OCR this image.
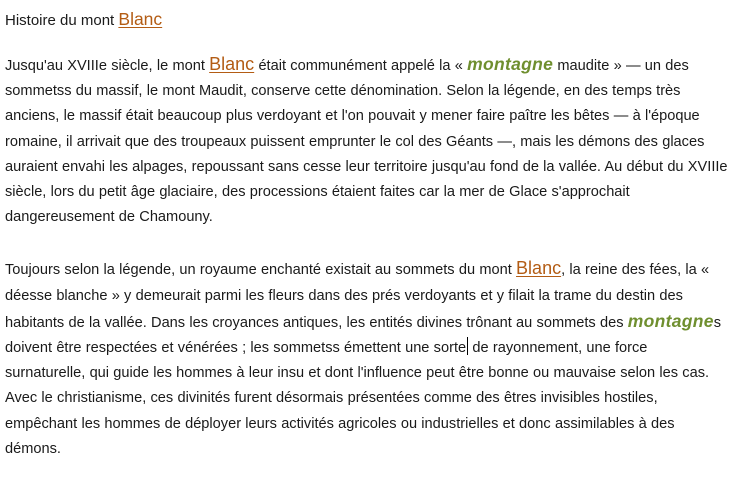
Histoire du mont Blanc

Jusqu'au XVIIIe siècle, le mont Blanc était communément appelé la « montagne maudite » — un des sommetss du massif, le mont Maudit, conserve cette dénomination. Selon la légende, en des temps très anciens, le massif était beaucoup plus verdoyant et l'on pouvait y mener faire paître les bêtes — à l'époque romaine, il arrivait que des troupeaux puissent emprunter le col des Géants —, mais les démons des glaces auraient envahi les alpages, repoussant sans cesse leur territoire jusqu'au fond de la vallée. Au début du XVIIIe siècle, lors du petit âge glaciaire, des processions étaient faites car la mer de Glace s'approchait dangereusement de Chamouny.

Toujours selon la légende, un royaume enchanté existait au sommets du mont Blanc, la reine des fées, la « déesse blanche » y demeurait parmi les fleurs dans des prés verdoyants et y filait la trame du destin des habitants de la vallée. Dans les croyances antiques, les entités divines trônant au sommets des montagnes doivent être respectées et vénérées ; les sommetss émettent une sorte de rayonnement, une force surnaturelle, qui guide les hommes à leur insu et dont l'influence peut être bonne ou mauvaise selon les cas. Avec le christianisme, ces divinités furent désormais présentées comme des êtres invisibles hostiles, empêchant les hommes de déployer leurs activités agricoles ou industrielles et donc assimilables à des démons.
